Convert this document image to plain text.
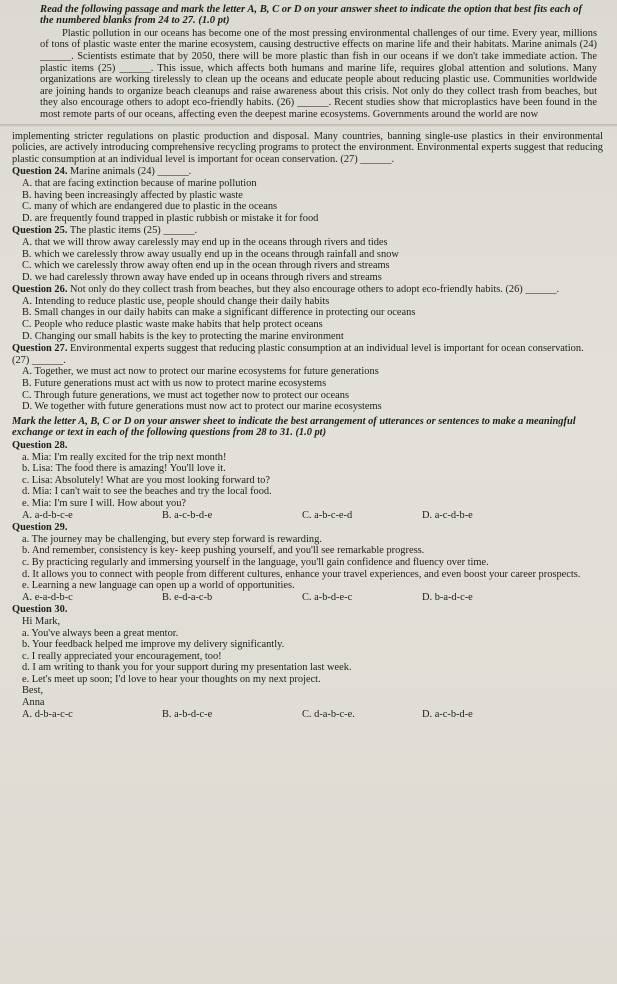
Read the following passage and mark the letter A, B, C or D on your answer sheet to indicate the option that best fits each of the numbered blanks from 24 to 27. (1.0 pt)
Plastic pollution in our oceans has become one of the most pressing environmental challenges of our time. Every year, millions of tons of plastic waste enter the marine ecosystem, causing destructive effects on marine life and their habitats. Marine animals (24) ______. Scientists estimate that by 2050, there will be more plastic than fish in our oceans if we don't take immediate action. The plastic items (25) ______. This issue, which affects both humans and marine life, requires global attention and solutions. Many organizations are working tirelessly to clean up the oceans and educate people about reducing plastic use. Communities worldwide are joining hands to organize beach cleanups and raise awareness about this crisis. Not only do they collect trash from beaches, but they also encourage others to adopt eco-friendly habits. (26) ______. Recent studies show that microplastics have been found in the most remote parts of our oceans, affecting even the deepest marine ecosystems. Governments around the world are now
implementing stricter regulations on plastic production and disposal. Many countries, banning single-use plastics in their environmental policies, are actively introducing comprehensive recycling programs to protect the environment. Environmental experts suggest that reducing plastic consumption at an individual level is important for ocean conservation. (27) ______.
Question 24. Marine animals (24) ______.
A. that are facing extinction because of marine pollution
B. having been increasingly affected by plastic waste
C. many of which are endangered due to plastic in the oceans
D. are frequently found trapped in plastic rubbish or mistake it for food
Question 25. The plastic items (25) ______.
A. that we will throw away carelessly may end up in the oceans through rivers and tides
B. which we carelessly throw away usually end up in the oceans through rainfall and snow
C. which we carelessly throw away often end up in the ocean through rivers and streams
D. we had carelessly thrown away have ended up in oceans through rivers and streams
Question 26. Not only do they collect trash from beaches, but they also encourage others to adopt eco-friendly habits. (26) ______.
A. Intending to reduce plastic use, people should change their daily habits
B. Small changes in our daily habits can make a significant difference in protecting our oceans
C. People who reduce plastic waste make habits that help protect oceans
D. Changing our small habits is the key to protecting the marine environment
Question 27. Environmental experts suggest that reducing plastic consumption at an individual level is important for ocean conservation. (27) ______.
A. Together, we must act now to protect our marine ecosystems for future generations
B. Future generations must act with us now to protect marine ecosystems
C. Through future generations, we must act together now to protect our oceans
D. We together with future generations must now act to protect our marine ecosystems
Mark the letter A, B, C or D on your answer sheet to indicate the best arrangement of utterances or sentences to make a meaningful exchange or text in each of the following questions from 28 to 31. (1.0 pt)
Question 28.
a. Mia: I'm really excited for the trip next month!
b. Lisa: The food there is amazing! You'll love it.
c. Lisa: Absolutely! What are you most looking forward to?
d. Mia: I can't wait to see the beaches and try the local food.
e. Mia: I'm sure I will. How about you?
A. a-d-b-c-e	B. a-c-b-d-e	C. a-b-c-e-d	D. a-c-d-b-e
Question 29.
a. The journey may be challenging, but every step forward is rewarding.
b. And remember, consistency is key- keep pushing yourself, and you'll see remarkable progress.
c. By practicing regularly and immersing yourself in the language, you'll gain confidence and fluency over time.
d. It allows you to connect with people from different cultures, enhance your travel experiences, and even boost your career prospects.
e. Learning a new language can open up a world of opportunities.
A. e-a-d-b-c	B. e-d-a-c-b	C. a-b-d-e-c	D. b-a-d-c-e
Question 30.
Hi Mark,
a. You've always been a great mentor.
b. Your feedback helped me improve my delivery significantly.
c. I really appreciated your encouragement, too!
d. I am writing to thank you for your support during my presentation last week.
e. Let's meet up soon; I'd love to hear your thoughts on my next project.
Best,
Anna
A. d-b-a-c-c	B. a-b-d-c-e	C. d-a-b-c-e.	D. a-c-b-d-e
